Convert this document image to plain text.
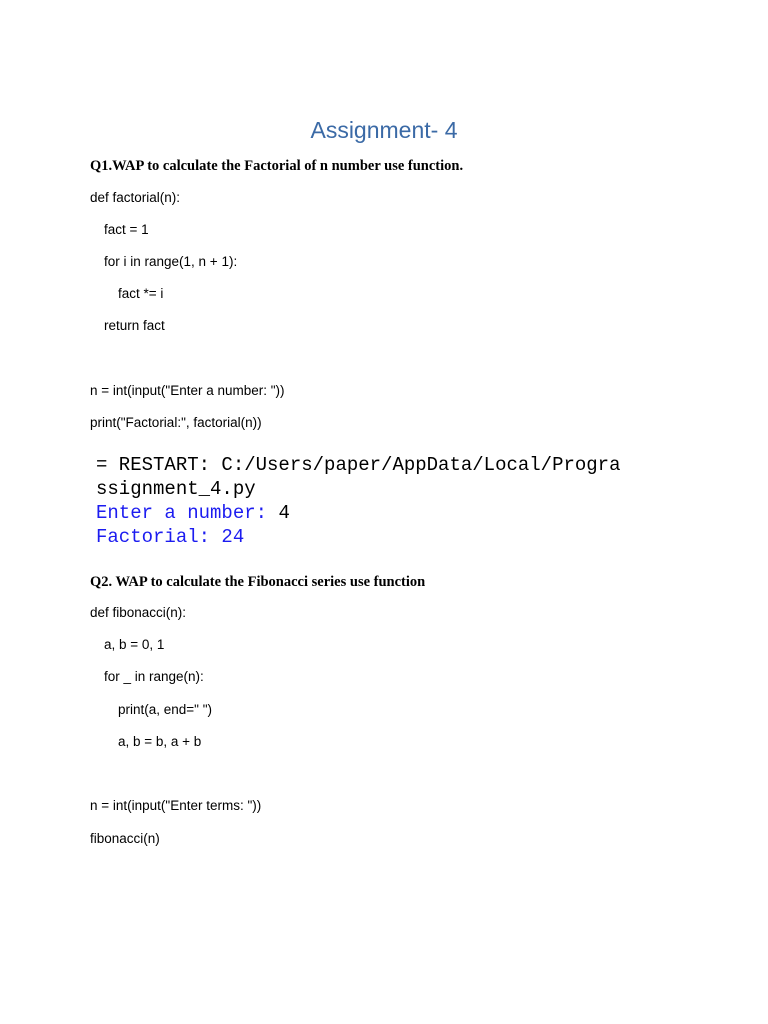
Assignment- 4
Q1.WAP to calculate the Factorial of n number use function.
def factorial(n):
fact = 1
for i in range(1, n + 1):
fact *= i
return fact
n = int(input("Enter a number: "))
print("Factorial:", factorial(n))
= RESTART: C:/Users/paper/AppData/Local/Progra
ssignment_4.py
Enter a number: 4
Factorial: 24
Q2. WAP to calculate the Fibonacci series use function
def fibonacci(n):
a, b = 0, 1
for _ in range(n):
print(a, end=" ")
a, b = b, a + b
n = int(input("Enter terms: "))
fibonacci(n)
